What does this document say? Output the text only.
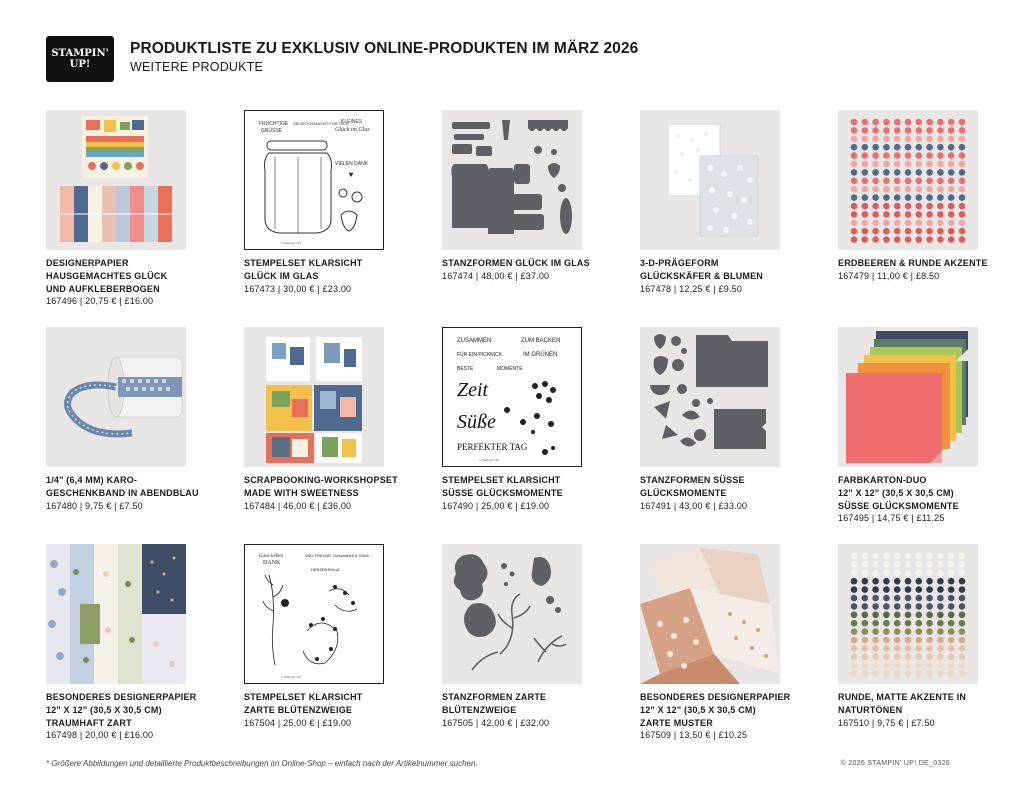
STAMPIN' UP!
PRODUKTLISTE ZU EXKLUSIV ONLINE-PRODUKTEN IM MÄRZ 2026
WEITERE PRODUKTE
DESIGNERPAPIER
HAUSGEMACHTES GLÜCK
UND AUFKLEBERBOGEN
167496 | 20,75 € | £16.00
FRUCHTIGE
GRÜSSE
SELBSTGEMACHT FÜR DICH
KLEINES
Glück im Glas
VIELEN DANK
© Stampin' Up!
STEMPELSET KLARSICHT
GLÜCK IM GLAS
167473 | 30,00 € | £23.00
STANZFORMEN GLÜCK IM GLAS
167474 | 48,00 € | £37.00
3-D-PRÄGEFORM
GLÜCKSKÄFER & BLUMEN
167478 | 12,25 € | £9.50
ERDBEEREN & RUNDE AKZENTE
167479 | 11,00 € | £8.50
1/4" (6,4 MM) KARO-
GESCHENKBAND IN ABENDBLAU
167480 | 9,75 € | £7.50
SCRAPBOOKING-WORKSHOPSET
MADE WITH SWEETNESS
167484 | 46,00 € | £36.00
ZUSAMMEN	ZUM BACKEN
FÜR EIN PICKNICK	IM GRÜNEN
BESTE	MOMENTE
Zeit
Süße
PERFEKTER TAG
© Stampin' Up!
STEMPELSET KLARSICHT
SÜSSE GLÜCKSMOMENTE
167490 | 25,00 € | £19.00
STANZFORMEN SÜSSE
GLÜCKSMOMENTE
167491 | 43,00 € | £33.00
FARBKARTON-DUO
12" X 12" (30,5 X 30,5 CM)
SÜSSE GLÜCKSMOMENTE
167495 | 14,75 € | £11.25
BESONDERES DESIGNERPAPIER
12" X 12" (30,5 X 30,5 CM)
TRAUMHAFT ZART
167498 | 20,00 € | £16.00
Ganz lieben
DANK
VIEL FREUDE, Gesundheit & Glück
HERZENSGruß
© Stampin' Up!
STEMPELSET KLARSICHT
ZARTE BLÜTENZWEIGE
167504 | 25,00 € | £19.00
STANZFORMEN ZARTE
BLÜTENZWEIGE
167505 | 42,00 € | £32.00
BESONDERES DESIGNERPAPIER
12" X 12" (30,5 X 30,5 CM)
ZARTE MUSTER
167509 | 13,50 € | £10.25
RUNDE, MATTE AKZENTE IN
NATURTÖNEN
167510 | 9,75 € | £7.50
* Größere Abbildungen und detaillierte Produktbeschreibungen im Online-Shop – einfach nach der Artikelnummer suchen.	© 2026 STAMPIN' UP! DE_0326
